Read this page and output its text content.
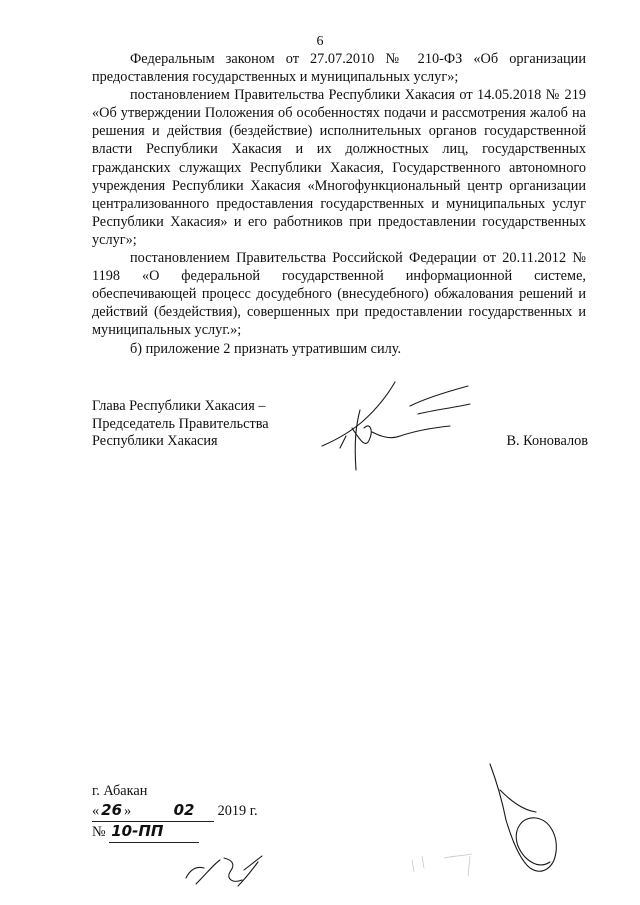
6

Федеральным законом от 27.07.2010 № 210-ФЗ «Об организации предоставления государственных и муниципальных услуг»;

постановлением Правительства Республики Хакасия от 14.05.2018 № 219 «Об утверждении Положения об особенностях подачи и рассмотрения жалоб на решения и действия (бездействие) исполнительных органов государственной власти Республики Хакасия и их должностных лиц, государственных гражданских служащих Республики Хакасия, Государственного автономного учреждения Республики Хакасия «Многофункциональный центр организации централизованного предоставления государственных и муниципальных услуг Республики Хакасия» и его работников при предоставлении государственных услуг»;

постановлением Правительства Российской Федерации от 20.11.2012 № 1198 «О федеральной государственной информационной системе, обеспечивающей процесс досудебного (внесудебного) обжалования решений и действий (бездействия), совершенных при предоставлении государственных и муниципальных услуг.»;

б) приложение 2 признать утратившим силу.

Глава Республики Хакасия –
Председатель Правительства
Республики Хакасия	В. Коновалов
г. Абакан
« 26 »	02 2019 г.
№ 10-ПП
